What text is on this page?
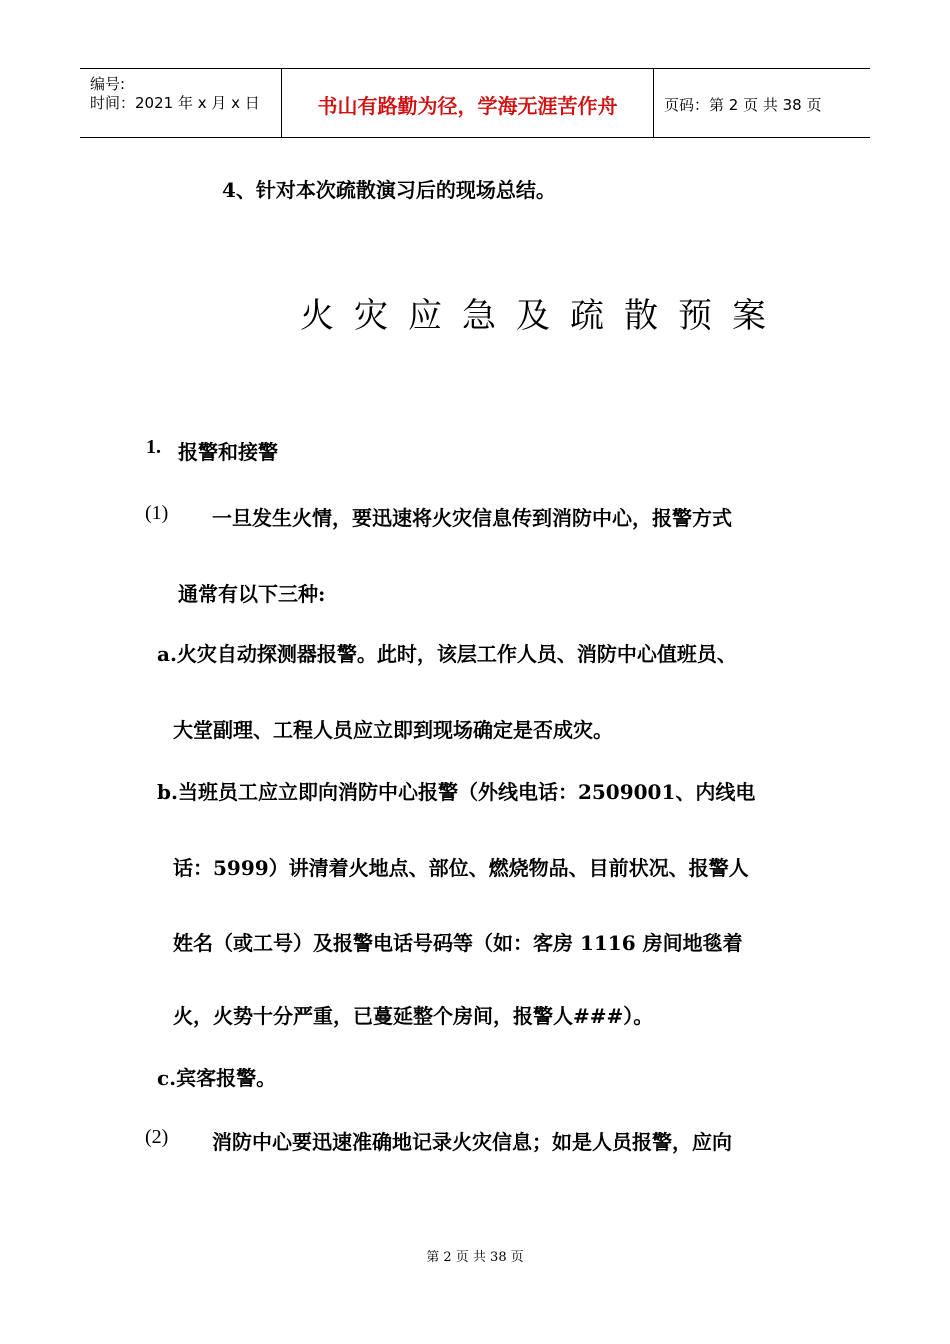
编号:
时间：2021 年 x 月 x 日	书山有路勤为径，学海无涯苦作舟	页码：第 2 页 共 38 页
4、针对本次疏散演习后的现场总结。
火灾应急及疏散预案
1. 报警和接警
(1) 一旦发生火情，要迅速将火灾信息传到消防中心，报警方式
通常有以下三种:
a.火灾自动探测器报警。此时，该层工作人员、消防中心值班员、
大堂副理、工程人员应立即到现场确定是否成灾。
b.当班员工应立即向消防中心报警（外线电话：2509001、内线电
话：5999）讲清着火地点、部位、燃烧物品、目前状况、报警人
姓名（或工号）及报警电话号码等（如：客房 1116 房间地毯着
火，火势十分严重，已蔓延整个房间，报警人###）。
c.宾客报警。
(2) 消防中心要迅速准确地记录火灾信息；如是人员报警，应向
第 2 页 共 38 页
